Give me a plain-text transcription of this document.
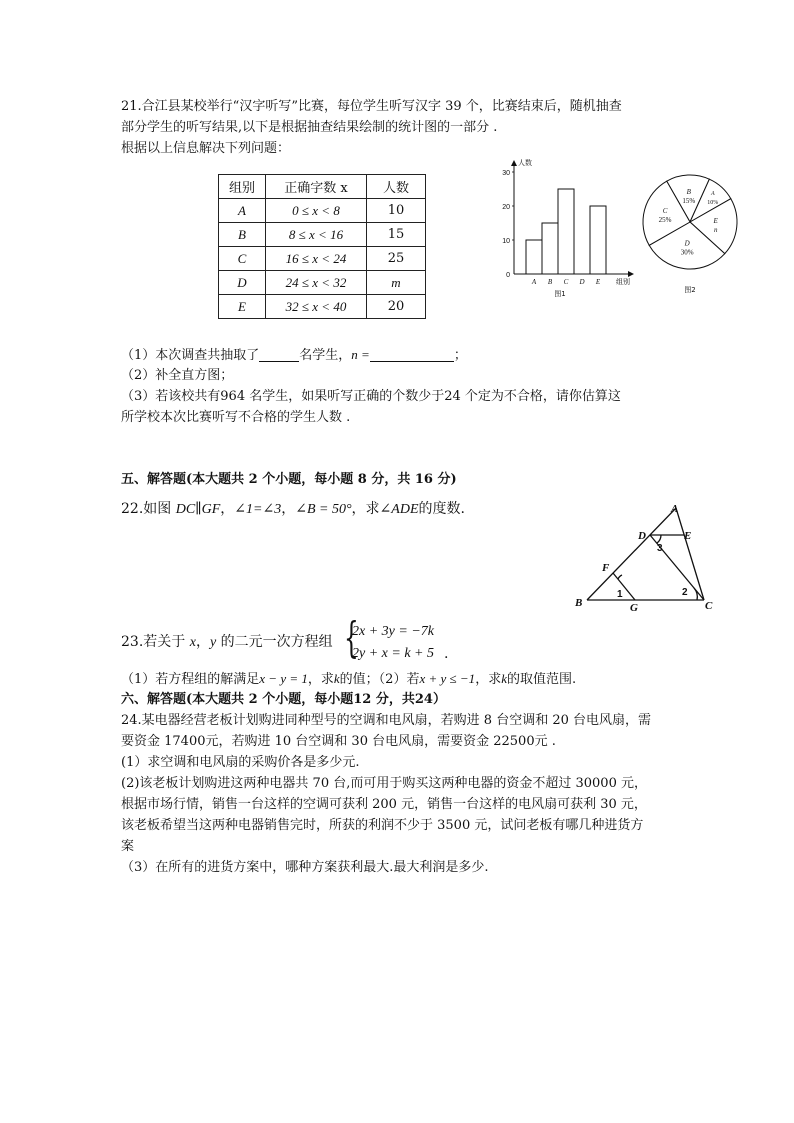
21.合江县某校举行“汉字听写”比赛，每位学生听写汉字 39 个，比赛结束后，随机抽查
部分学生的听写结果,以下是根据抽查结果绘制的统计图的一部分 .
根据以上信息解决下列问题：
组别	正确字数 x	人数
A	0 ≤ x < 8	10
B	8 ≤ x < 16	15
C	16 ≤ x < 24	25
D	24 ≤ x < 32	m
E	32 ≤ x < 40	20
0
10
20
30
人数
A B C D E 组别
图1
B
15%
A
10%
E
n
D
30%
C
25%
图2
（1）本次调查共抽取了	名学生，n =	；
（2）补全直方图；
（3）若该校共有964 名学生，如果听写正确的个数少于24 个定为不合格，请你估算这
所学校本次比赛听写不合格的学生人数 .
五、解答题(本大题共 2 个小题，每小题 8 分，共 16 分)
22.如图 DC∥GF，∠1=∠3，∠B = 50°，求∠ADE的度数.	A
B	C
D	E
F
G
1	2
3
23.若关于 x，y 的二元一次方程组 {
2x + 3y = −7k
2y + x = k + 5 .
（1）若方程组的解满足x − y = 1，求k的值；（2）若x + y ≤ −1，求k的取值范围.
六、解答题(本大题共 2 个小题，每小题12 分，共24）
24.某电器经营老板计划购进同种型号的空调和电风扇，若购进 8 台空调和 20 台电风扇，需
要资金 17400元，若购进 10 台空调和 30 台电风扇，需要资金 22500元 .
(1）求空调和电风扇的采购价各是多少元.
(2)该老板计划购进这两种电器共 70 台,而可用于购买这两种电器的资金不超过 30000 元，
根据市场行情，销售一台这样的空调可获利 200 元，销售一台这样的电风扇可获利 30 元，
该老板希望当这两种电器销售完时，所获的利润不少于 3500 元，试问老板有哪几种进货方
案
（3）在所有的进货方案中，哪种方案获利最大.最大利润是多少.
